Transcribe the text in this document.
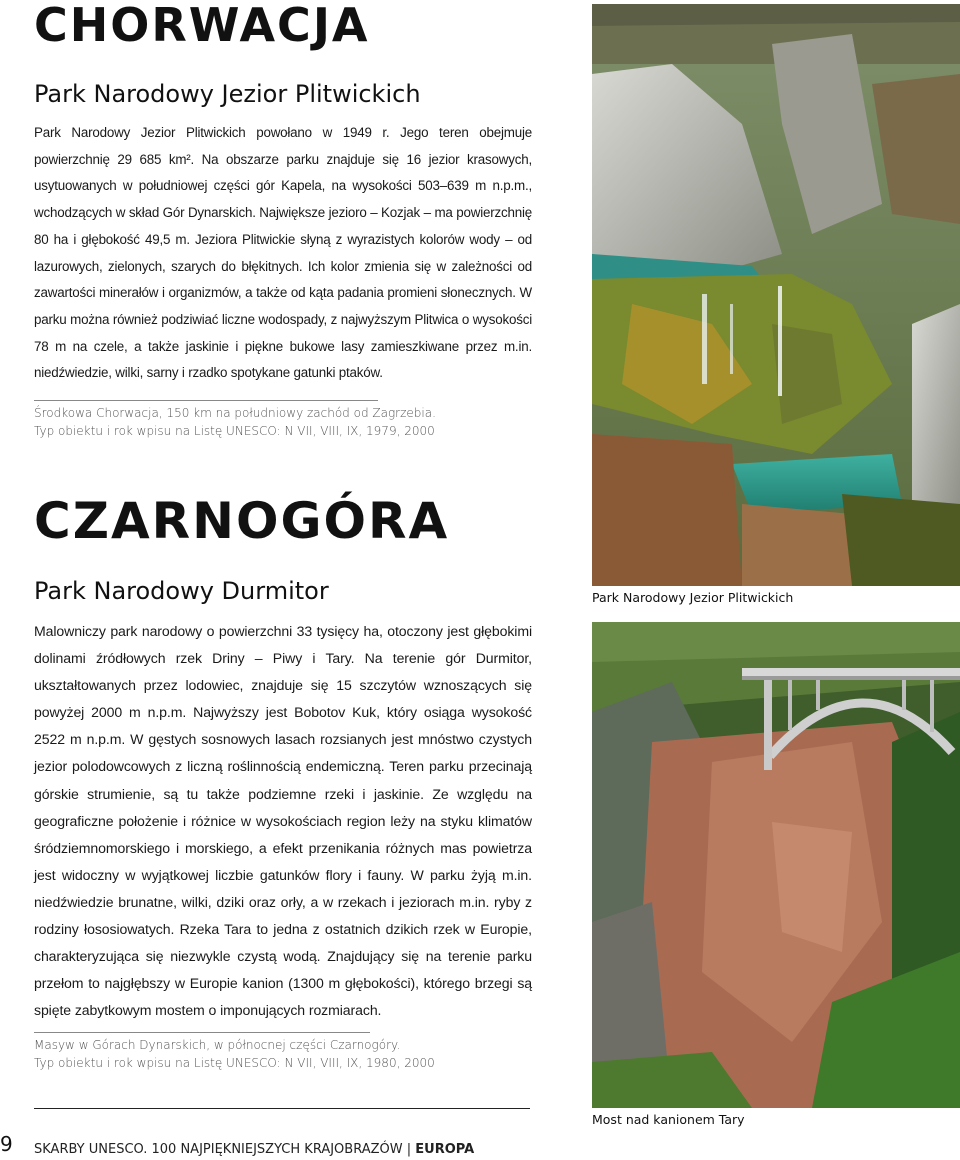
CHORWACJA
Park Narodowy Jezior Plitwickich

Park Narodowy Jezior Plitwickich powołano w 1949 r. Jego teren obejmuje powierzchnię 29 685 km². Na obszarze parku znajduje się 16 jezior krasowych, usytuowanych w południowej części gór Kapela, na wysokości 503–639 m n.p.m., wchodzących w skład Gór Dynarskich. Największe jezioro – Kozjak – ma powierzchnię 80 ha i głębokość 49,5 m. Jeziora Plitwickie słyną z wyrazistych kolorów wody – od lazurowych, zielonych, szarych do błękitnych. Ich kolor zmienia się w zależności od zawartości minerałów i organizmów, a także od kąta padania promieni słonecznych. W parku można również podziwiać liczne wodospady, z najwyższym Plitwica o wysokości 78 m na czele, a także jaskinie i piękne bukowe lasy zamieszkiwane przez m.in. niedźwiedzie, wilki, sarny i rzadko spotykane gatunki ptaków.

Środkowa Chorwacja, 150 km na południowy zachód od Zagrzebia.
Typ obiektu i rok wpisu na Listę UNESCO: N VII, VIII, IX, 1979, 2000
Park Narodowy Jezior Plitwickich
CZARNOGÓRA
Park Narodowy Durmitor

Malowniczy park narodowy o powierzchni 33 tysięcy ha, otoczony jest głębokimi dolinami źródłowych rzek Driny – Piwy i Tary. Na terenie gór Durmitor, ukształtowanych przez lodowiec, znajduje się 15 szczytów wznoszących się powyżej 2000 m n.p.m. Najwyższy jest Bobotov Kuk, który osiąga wysokość 2522 m n.p.m. W gęstych sosnowych lasach rozsianych jest mnóstwo czystych jezior polodowcowych z liczną roślinnością endemiczną. Teren parku przecinają górskie strumienie, są tu także podziemne rzeki i jaskinie. Ze względu na geograficzne położenie i różnice w wysokościach region leży na styku klimatów śródziemnomorskiego i morskiego, a efekt przenikania różnych mas powietrza jest widoczny w wyjątkowej liczbie gatunków flory i fauny. W parku żyją m.in. niedźwiedzie brunatne, wilki, dziki oraz orły, a w rzekach i jeziorach m.in. ryby z rodziny łososiowatych. Rzeka Tara to jedna z ostatnich dzikich rzek w Europie, charakteryzująca się niezwykle czystą wodą. Znajdujący się na terenie parku przełom to najgłębszy w Europie kanion (1300 m głębokości), którego brzegi są spięte zabytkowym mostem o imponujących rozmiarach.

Masyw w Górach Dynarskich, w północnej części Czarnogóry.
Typ obiektu i rok wpisu na Listę UNESCO: N VII, VIII, IX, 1980, 2000
Most nad kanionem Tary
9 SKARBY UNESCO. 100 NAJPIĘKNIEJSZYCH KRAJOBRAZÓW | EUROPA
